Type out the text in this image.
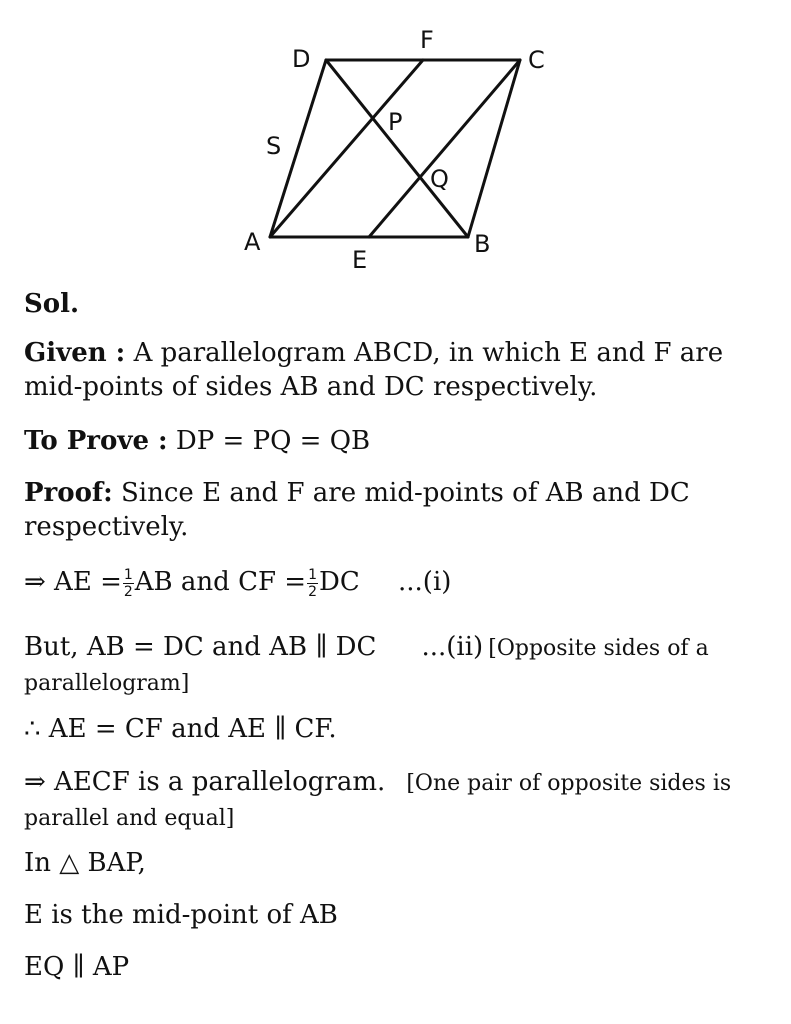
D
F
C
S
P
Q
A
E
B
Sol.
Given : A parallelogram ABCD, in which E and F are
mid-points of sides AB and DC respectively.
To Prove : DP = PQ = QB
Proof: Since E and F are mid-points of AB and DC
respectively.
⇒ AE = $\frac{1}{2}$ AB and CF = $\frac{1}{2}$ DC ...(i)
But, AB = DC and AB ∥ DC ...(ii) [Opposite sides of a
parallelogram]
∴ AE = CF and AE ∥ CF.
⇒ AECF is a parallelogram. [One pair of opposite sides is
parallel and equal]
In △ BAP,
E is the mid-point of AB
EQ ∥ AP
